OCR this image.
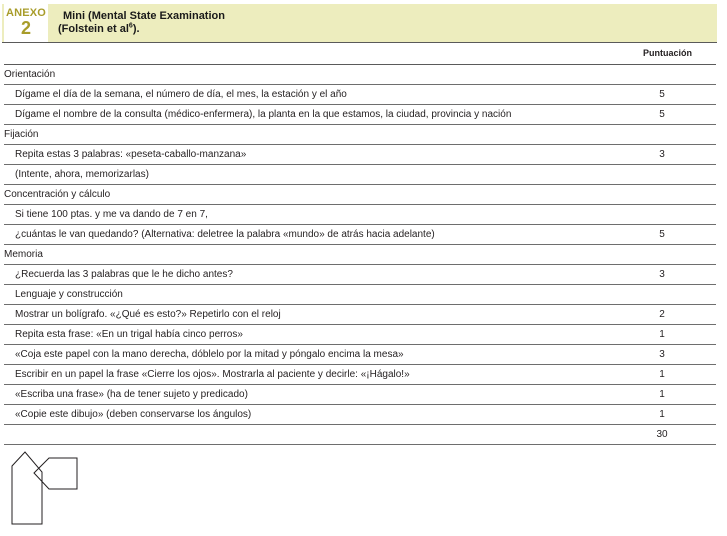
ANEXO
2
Mini (Mental State Examination
(Folstein et $al^6$).
Puntuación
Orientación
Dígame el día de la semana, el número de día, el mes, la estación y el año	5
Dígame el nombre de la consulta (médico-enfermera), la planta en la que estamos, la ciudad, provincia y nación	5
Fijación
Repita estas 3 palabras: «peseta-caballo-manzana»	3
(Intente, ahora, memorizarlas)
Concentración y cálculo
Si tiene 100 ptas. y me va dando de 7 en 7,
¿cuántas le van quedando? (Alternativa: deletree la palabra «mundo» de atrás hacia adelante)	5
Memoria
¿Recuerda las 3 palabras que le he dicho antes?	3
Lenguaje y construcción
Mostrar un bolígrafo. «¿Qué es esto?» Repetirlo con el reloj	2
Repita esta frase: «En un trigal había cinco perros»	1
«Coja este papel con la mano derecha, dóblelo por la mitad y póngalo encima la mesa»	3
Escribir en un papel la frase «Cierre los ojos». Mostrarla al paciente y decirle: «¡Hágalo!»	1
«Escriba una frase» (ha de tener sujeto y predicado)	1
«Copie este dibujo» (deben conservarse los ángulos)	1
30
